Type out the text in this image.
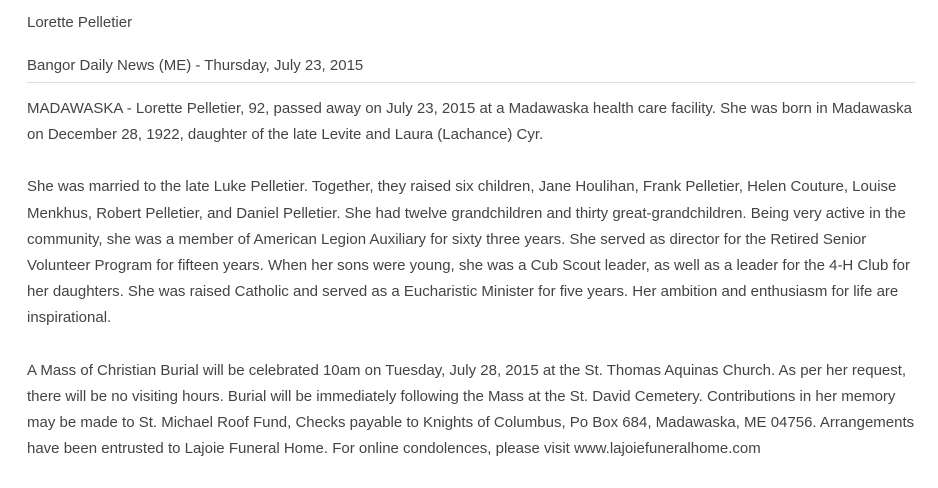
Lorette Pelletier
Bangor Daily News (ME) - Thursday, July 23, 2015

MADAWASKA - Lorette Pelletier, 92, passed away on July 23, 2015 at a Madawaska health care facility. She was born in Madawaska on December 28, 1922, daughter of the late Levite and Laura (Lachance) Cyr.

She was married to the late Luke Pelletier. Together, they raised six children, Jane Houlihan, Frank Pelletier, Helen Couture, Louise Menkhus, Robert Pelletier, and Daniel Pelletier. She had twelve grandchildren and thirty great-grandchildren. Being very active in the community, she was a member of American Legion Auxiliary for sixty three years. She served as director for the Retired Senior Volunteer Program for fifteen years. When her sons were young, she was a Cub Scout leader, as well as a leader for the 4-H Club for her daughters. She was raised Catholic and served as a Eucharistic Minister for five years. Her ambition and enthusiasm for life are inspirational.

A Mass of Christian Burial will be celebrated 10am on Tuesday, July 28, 2015 at the St. Thomas Aquinas Church. As per her request, there will be no visiting hours. Burial will be immediately following the Mass at the St. David Cemetery. Contributions in her memory may be made to St. Michael Roof Fund, Checks payable to Knights of Columbus, Po Box 684, Madawaska, ME 04756. Arrangements have been entrusted to Lajoie Funeral Home. For online condolences, please visit www.lajoiefuneralhome.com
